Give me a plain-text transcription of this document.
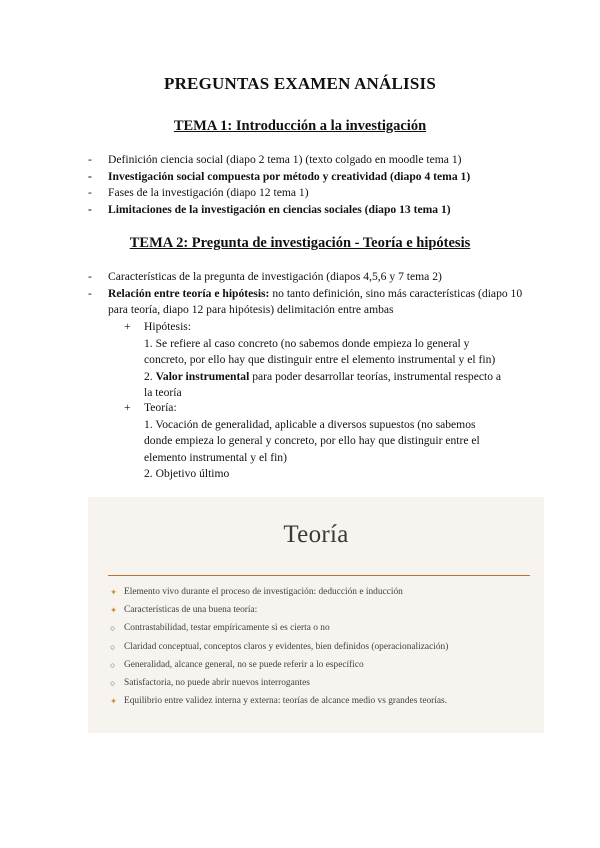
PREGUNTAS EXAMEN ANÁLISIS
TEMA 1: Introducción a la investigación
- Definición ciencia social (diapo 2 tema 1) (texto colgado en moodle tema 1)
- Investigación social compuesta por método y creatividad (diapo 4 tema 1)
- Fases de la investigación (diapo 12 tema 1)
- Limitaciones de la investigación en ciencias sociales (diapo 13 tema 1)
TEMA 2: Pregunta de investigación - Teoría e hipótesis
- Características de la pregunta de investigación (diapos 4,5,6 y 7 tema 2)
- Relación entre teoría e hipótesis: no tanto definición, sino más características (diapo 10 para teoría, diapo 12 para hipótesis) delimitación entre ambas
+ Hipótesis:
1. Se refiere al caso concreto (no sabemos donde empieza lo general y concreto, por ello hay que distinguir entre el elemento instrumental y el fin)
2. Valor instrumental para poder desarrollar teorías, instrumental respecto a la teoría
+ Teoría:
1. Vocación de generalidad, aplicable a diversos supuestos (no sabemos donde empieza lo general y concreto, por ello hay que distinguir entre el elemento instrumental y el fin)
2. Objetivo último
Teoría
✦ Elemento vivo durante el proceso de investigación: deducción e inducción
✦ Características de una buena teoría:
○ Contrastabilidad, testar empíricamente si es cierta o no
○ Claridad conceptual, conceptos claros y evidentes, bien definidos (operacionalización)
○ Generalidad, alcance general, no se puede referir a lo específico
○ Satisfactoria, no puede abrir nuevos interrogantes
✦ Equilibrio entre validez interna y externa: teorías de alcance medio vs grandes teorías.
